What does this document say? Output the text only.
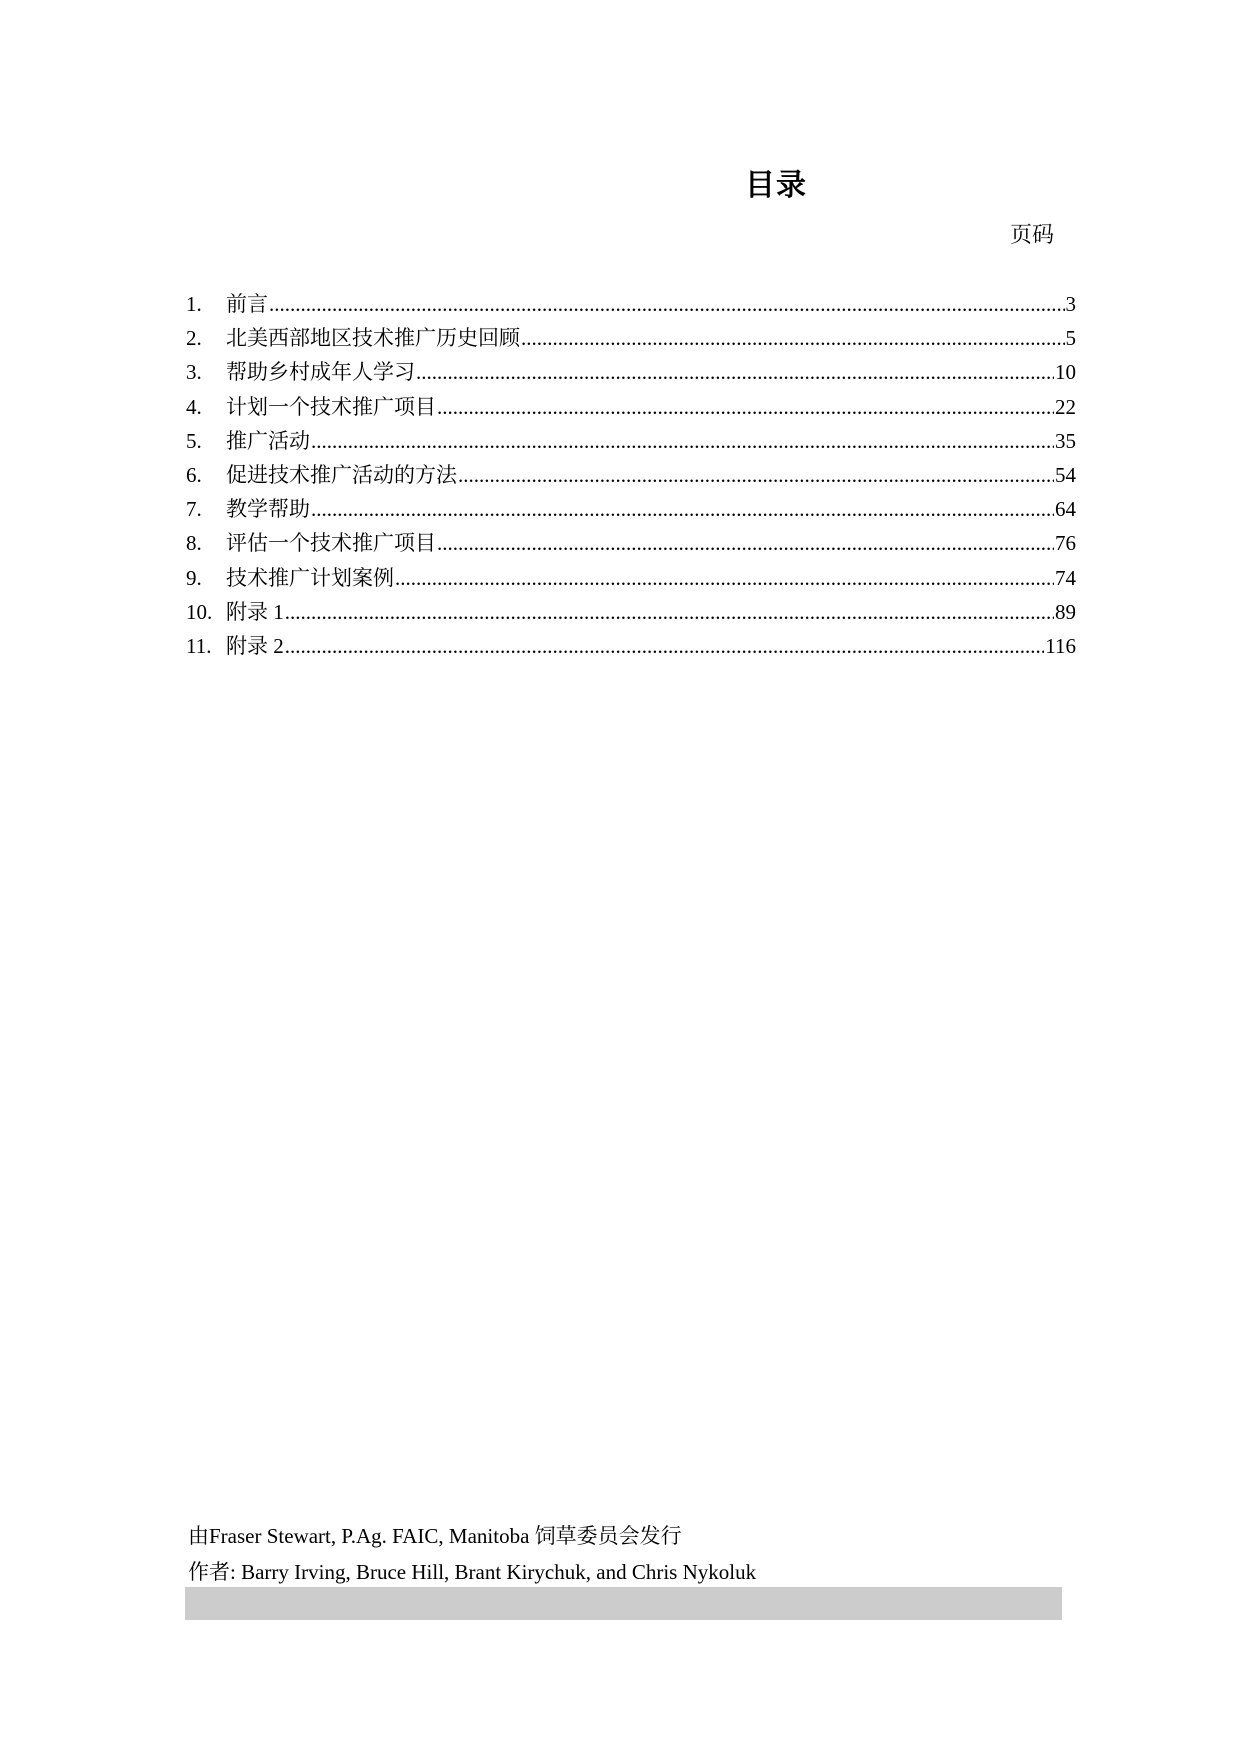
目录
页码
1.	前言 .....	3
2.	北美西部地区技术推广历史回顾 .....	5
3.	帮助乡村成年人学习 .....	10
4.	计划一个技术推广项目 .....	22
5.	推广活动 .....	35
6.	促进技术推广活动的方法 .....	54
7.	教学帮助 .....	64
8.	评估一个技术推广项目 .....	76
9.	技术推广计划案例 .....	74
10. 附录 1 .....	89
11. 附录 2 .....	116
由Fraser Stewart, P.Ag. FAIC, Manitoba 饲草委员会发行
作者: Barry Irving, Bruce Hill, Brant Kirychuk, and Chris Nykoluk
